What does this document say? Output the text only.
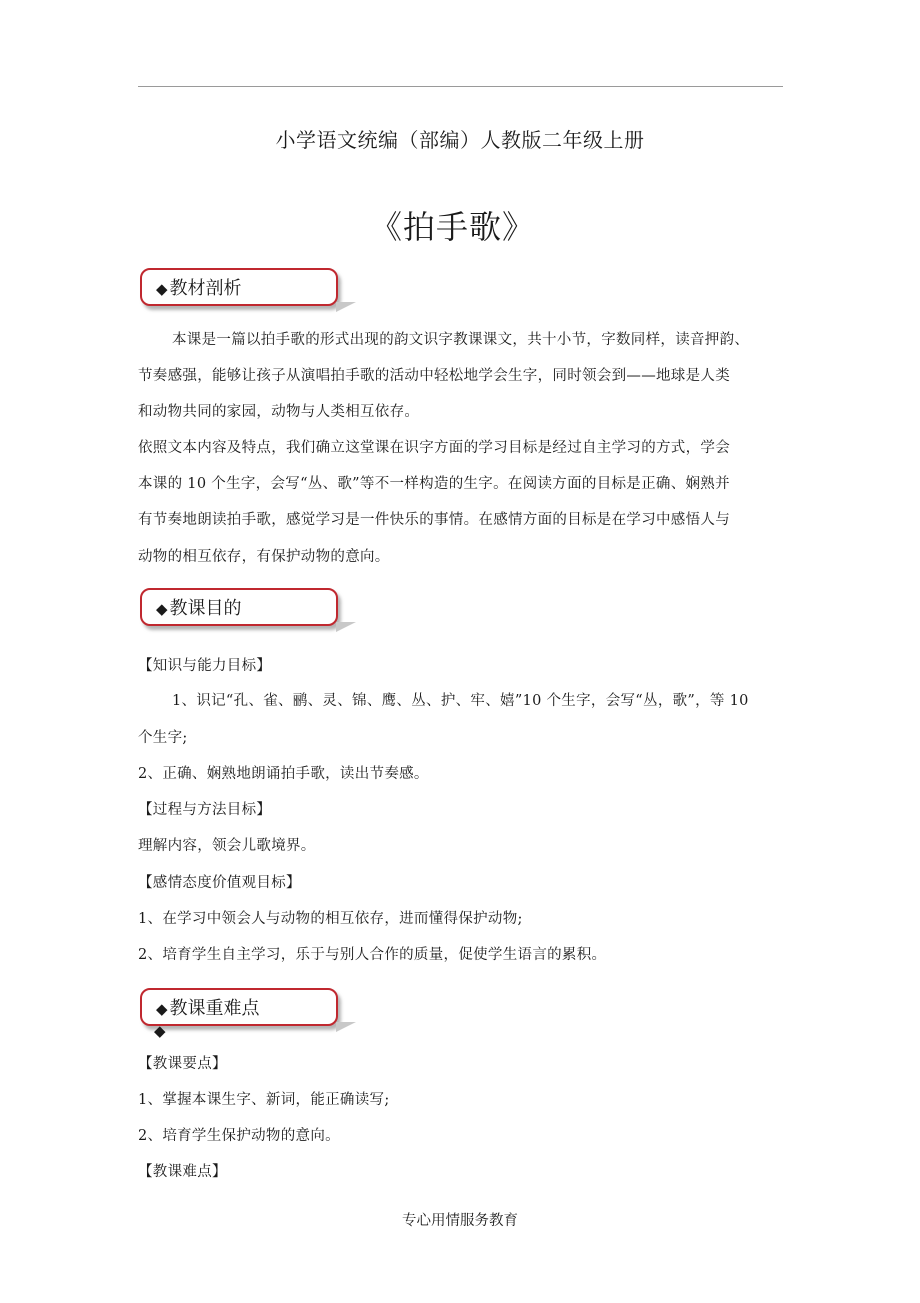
小学语文统编（部编）人教版二年级上册
《拍手歌》
◆ 教材剖析
本课是一篇以拍手歌的形式出现的韵文识字教课课文，共十小节，字数同样，读音押韵、
节奏感强，能够让孩子从演唱拍手歌的活动中轻松地学会生字，同时领会到——地球是人类
和动物共同的家园，动物与人类相互依存。
依照文本内容及特点，我们确立这堂课在识字方面的学习目标是经过自主学习的方式，学会
本课的 10 个生字，会写“丛、歌”等不一样构造的生字。在阅读方面的目标是正确、娴熟并
有节奏地朗读拍手歌，感觉学习是一件快乐的事情。在感情方面的目标是在学习中感悟人与
动物的相互依存，有保护动物的意向。
◆ 教课目的
【知识与能力目标】
1、识记“孔、雀、鹂、灵、锦、鹰、丛、护、牢、嬉”10 个生字，会写“丛，歌”，等 10
个生字;
2、正确、娴熟地朗诵拍手歌，读出节奏感。
【过程与方法目标】
理解内容，领会儿歌境界。
【感情态度价值观目标】
1、在学习中领会人与动物的相互依存，进而懂得保护动物;
2、培育学生自主学习，乐于与别人合作的质量，促使学生语言的累积。
◆ 教课重难点
◆
【教课要点】
1、掌握本课生字、新词，能正确读写;
2、培育学生保护动物的意向。
【教课难点】
专心用情服务教育
